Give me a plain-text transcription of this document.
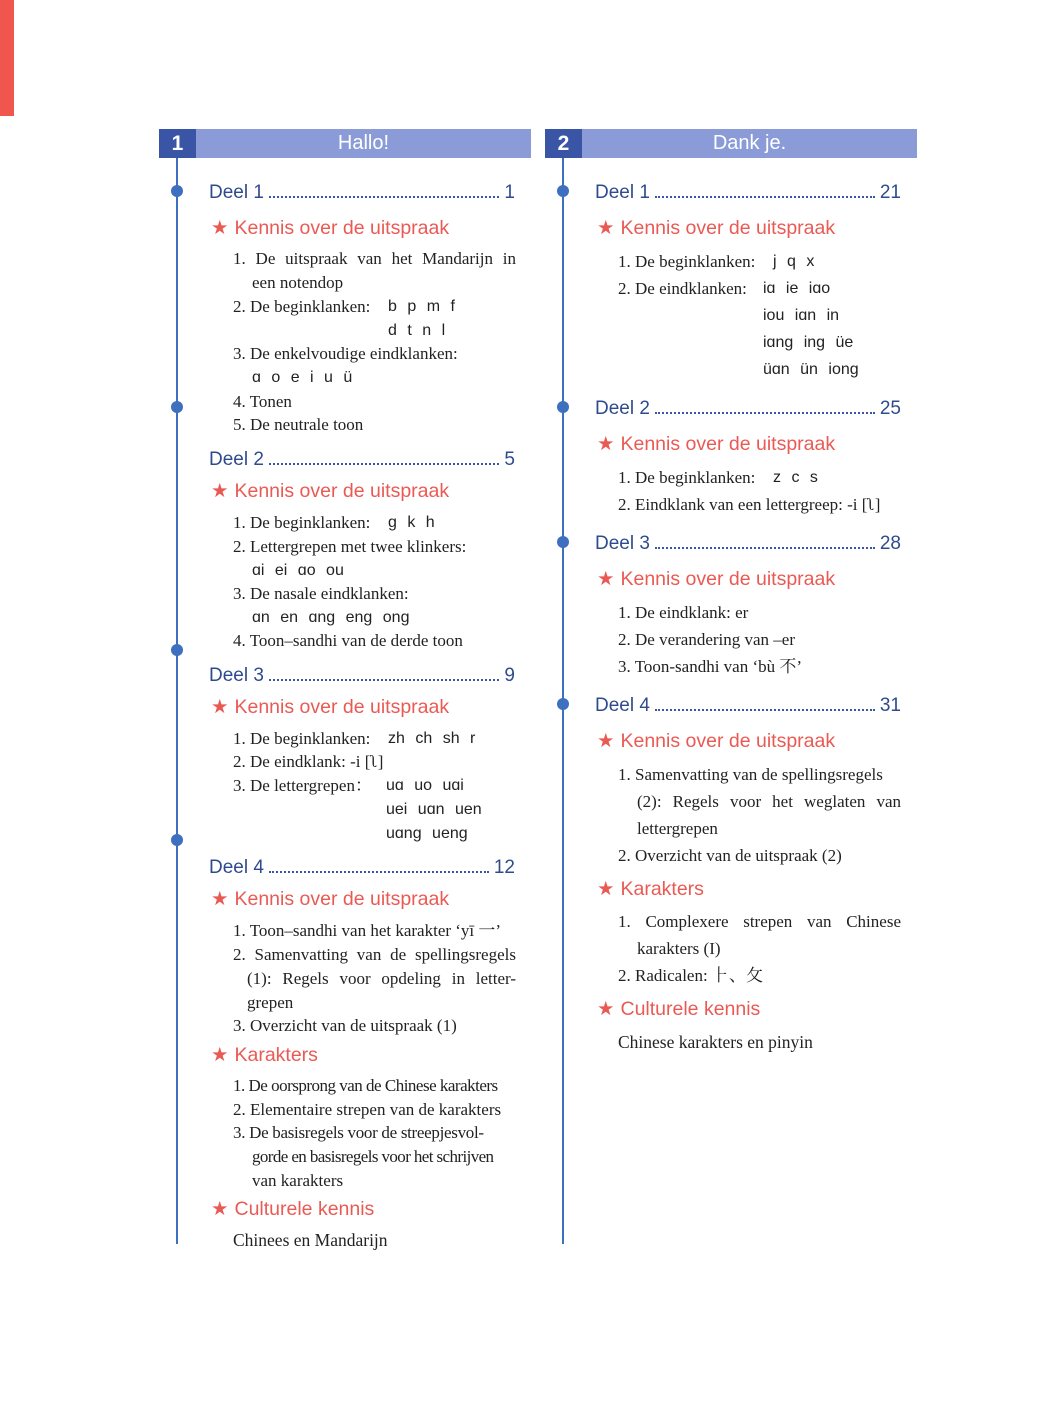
1	Hallo!
Deel 1	1
★ Kennis over de uitspraak
1. De uitspraak van het Mandarijn in
een notendop
2. De beginklanken: b p m f
d t n l
3. De enkelvoudige eindklanken:
ɑ o e i u ü
4. Tonen
5. De neutrale toon
Deel 2	5
★ Kennis over de uitspraak
1. De beginklanken: g k h
2. Lettergrepen met twee klinkers:
ɑi ei ɑo ou
3. De nasale eindklanken:
ɑn en ɑng eng ong
4. Toon–sandhi van de derde toon
Deel 3	9
★ Kennis over de uitspraak
1. De beginklanken: zh ch sh r
2. De eindklank: -i [ʅ]
3. De lettergrepen： uɑ uo uɑi
uei uɑn uen
uɑng ueng
Deel 4	12
★ Kennis over de uitspraak
1. Toon–sandhi van het karakter ‘yī 一’
2. Samenvatting van de spellingsregels
(1): Regels voor opdeling in letter-
grepen
3. Overzicht van de uitspraak (1)
★ Karakters
1. De oorsprong van de Chinese karakters
2. Elementaire strepen van de karakters
3. De basisregels voor de streepjesvol-
gorde en basisregels voor het schrijven
van karakters
★ Culturele kennis
Chinees en Mandarijn
2	Dank je.
Deel 1	21
★ Kennis over de uitspraak
1. De beginklanken: j q x
2. De eindklanken: iɑ ie iɑo
iou iɑn in
iɑng ing üe
üɑn ün iong
Deel 2	25
★ Kennis over de uitspraak
1. De beginklanken: z c s
2. Eindklank van een lettergreep: -i [ʅ]
Deel 3	28
★ Kennis over de uitspraak
1. De eindklank: er
2. De verandering van –er
3. Toon-sandhi van ‘bù 不’
Deel 4	31
★ Kennis over de uitspraak
1. Samenvatting van de spellingsregels
(2): Regels voor het weglaten van
lettergrepen
2. Overzicht van de uitspraak (2)
★ Karakters
1. Complexere strepen van Chinese
karakters (I)
2. Radicalen: ⺊、攵
★ Culturele kennis
Chinese karakters en pinyin
